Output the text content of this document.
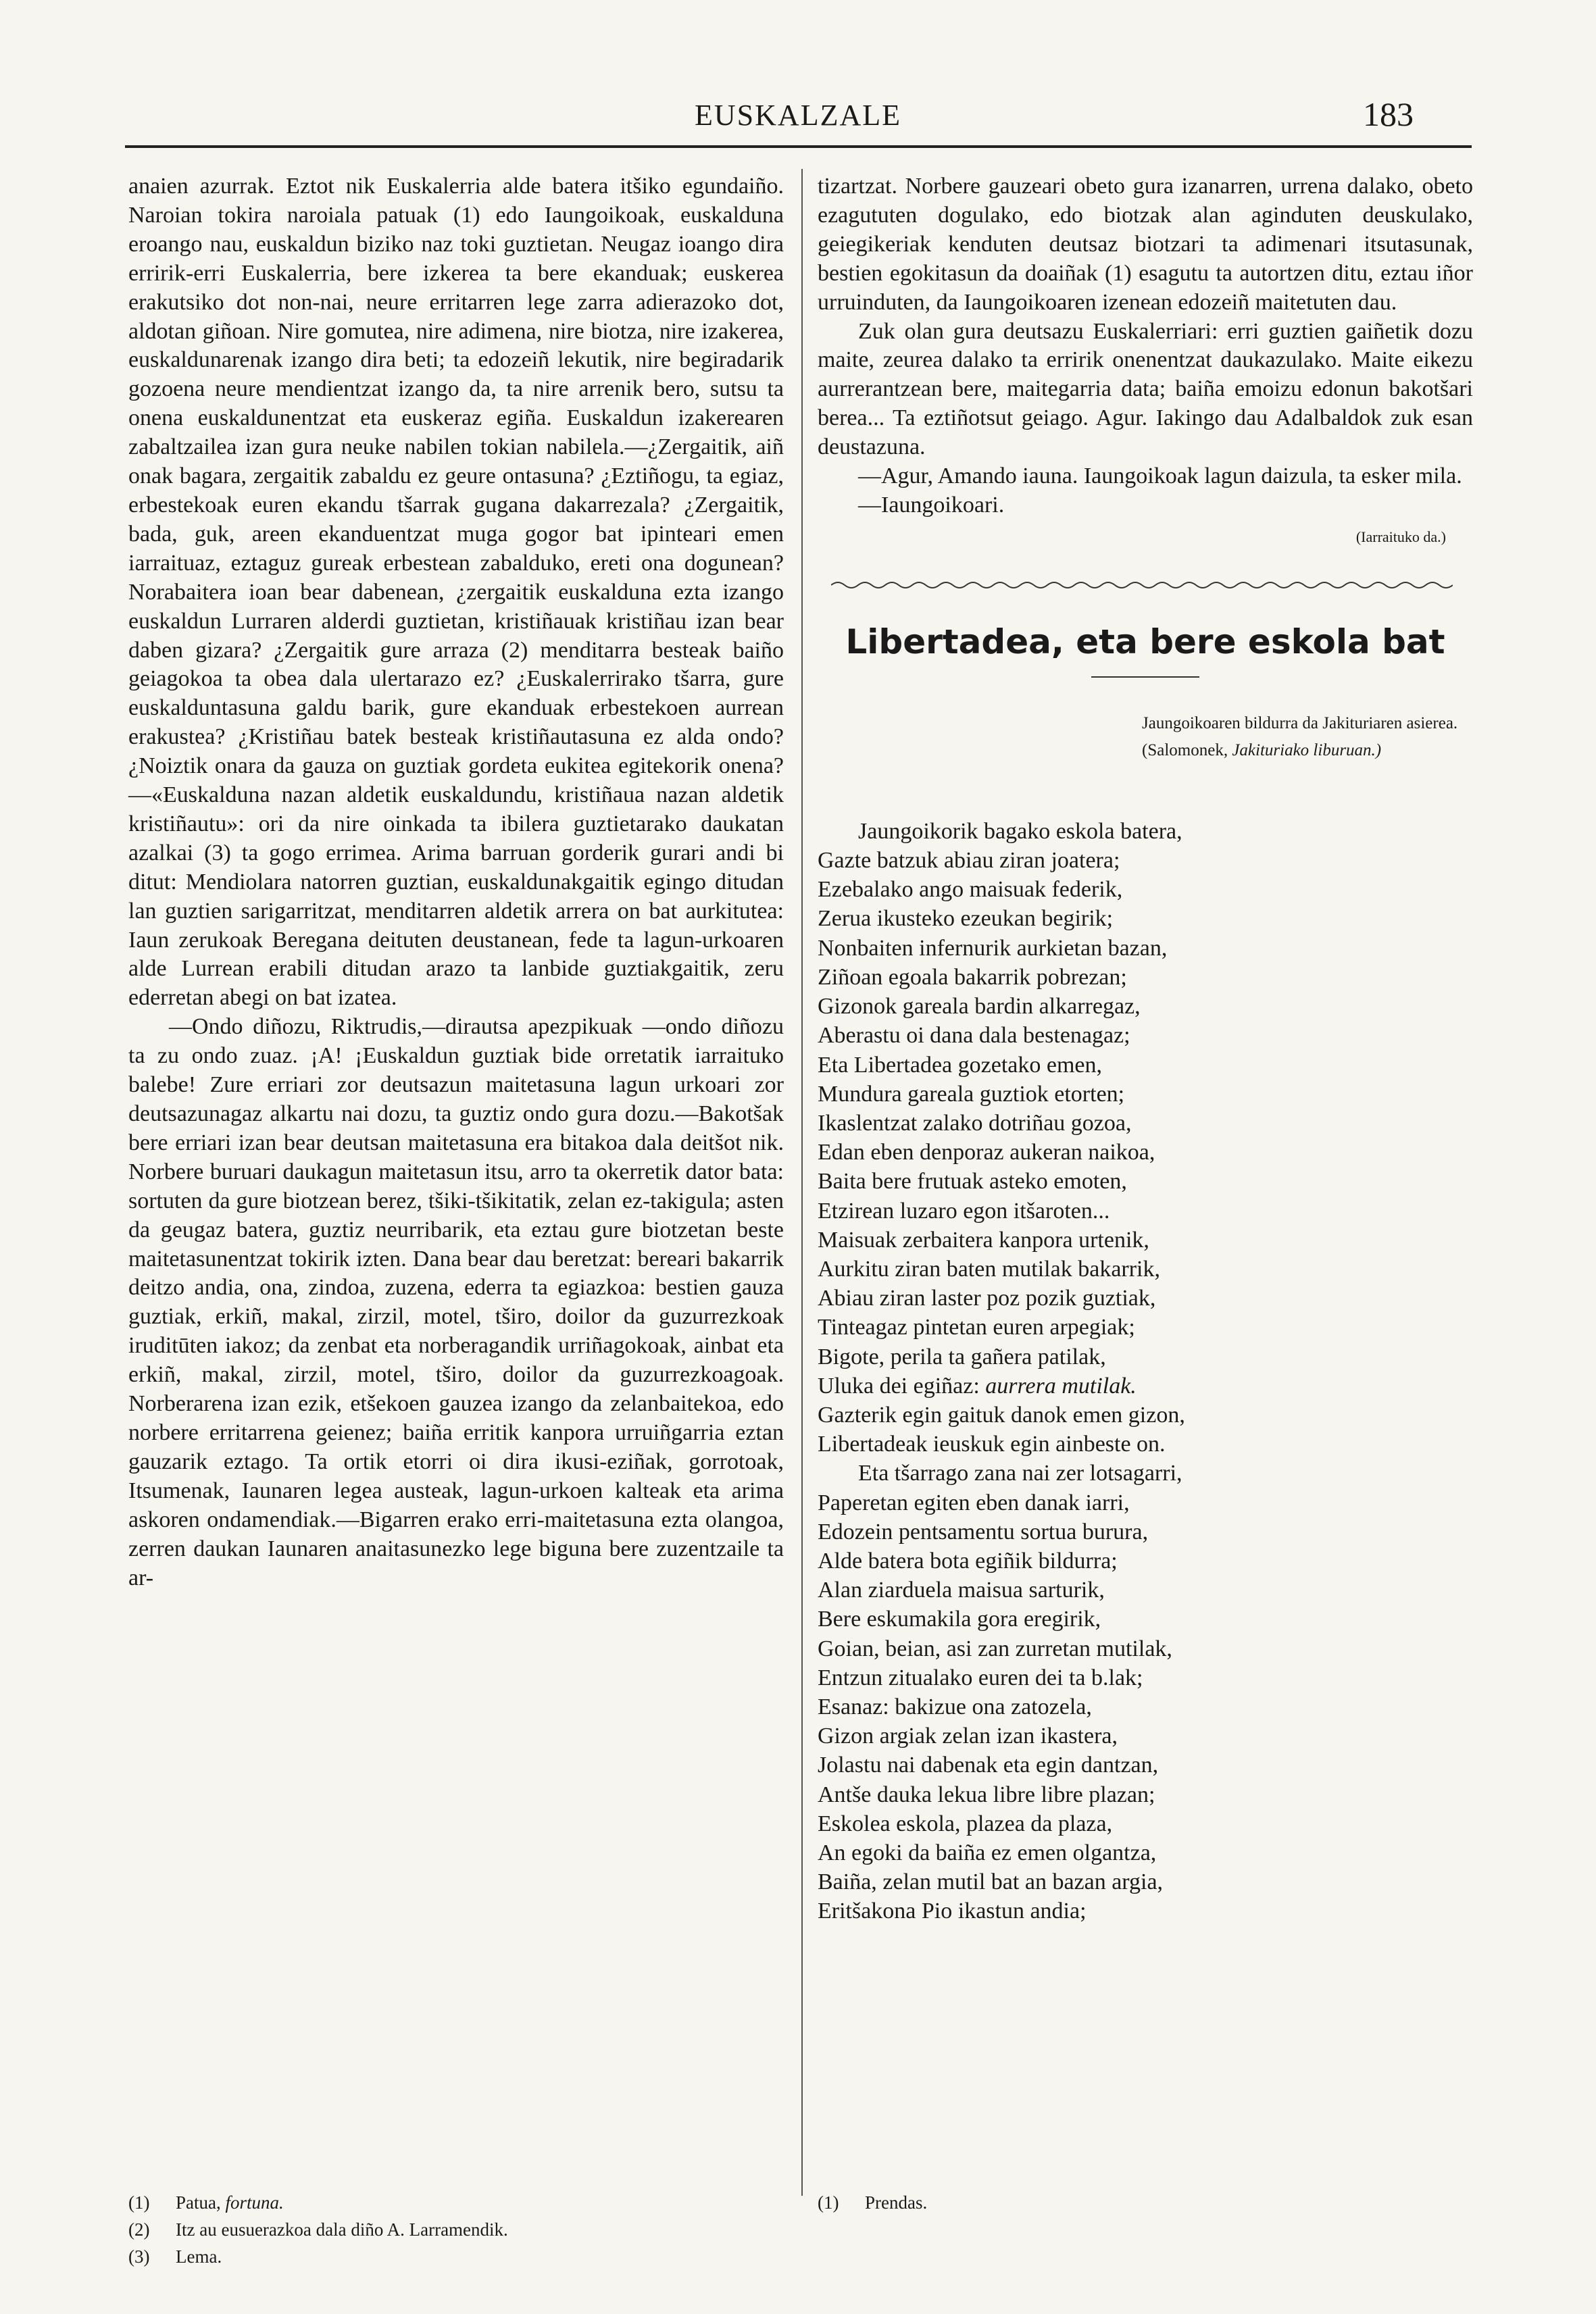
EUSKALZALE	183

anaien azurrak. Eztot nik Euskalerria alde batera itšiko egundaiño. Naroian tokira naroiala patuak (1) edo Iaungoikoak, euskalduna eroango nau, euskaldun biziko naz toki guztietan. Neugaz ioango dira erririk-erri Euskalerria, bere izkerea ta bere ekanduak; euskerea erakutsiko dot non-nai, neure erritarren lege zarra adierazoko dot, aldotan giñoan. Nire gomutea, nire adimena, nire biotza, nire izakerea, euskaldunarenak izango dira beti; ta edozeiñ lekutik, nire begiradarik gozoena neure mendientzat izango da, ta nire arrenik bero, sutsu ta onena euskaldunentzat eta euskeraz egiña. Euskaldun izakerearen zabaltzailea izan gura neuke nabilen tokian nabilela.—¿Zergaitik, aiñ onak bagara, zergaitik zabaldu ez geure ontasuna? ¿Eztiñogu, ta egiaz, erbestekoak euren ekandu tšarrak gugana dakarrezala? ¿Zergaitik, bada, guk, areen ekanduentzat muga gogor bat ipinteari emen iarraituaz, eztaguz gureak erbestean zabalduko, ereti ona dogunean? Norabaitera ioan bear dabenean, ¿zergaitik euskalduna ezta izango euskaldun Lurraren alderdi guztietan, kristiñauak kristiñau izan bear daben gizara? ¿Zergaitik gure arraza (2) menditarra besteak baiño geiagokoa ta obea dala ulertarazo ez? ¿Euskalerrirako tšarra, gure euskalduntasuna galdu barik, gure ekanduak erbestekoen aurrean erakustea? ¿Kristiñau batek besteak kristiñautasuna ez alda ondo? ¿Noiztik onara da gauza on guztiak gordeta eukitea egitekorik onena?—«Euskalduna nazan aldetik euskaldundu, kristiñaua nazan aldetik kristiñautu»: ori da nire oinkada ta ibilera guztietarako daukatan azalkai (3) ta gogo errimea. Arima barruan gorderik gurari andi bi ditut: Mendiolara natorren guztian, euskaldunakgaitik egingo ditudan lan guztien sarigarritzat, menditarren aldetik arrera on bat aurkitutea: Iaun zerukoak Beregana deituten deustanean, fede ta lagun-urkoaren alde Lurrean erabili ditudan arazo ta lanbide guztiakgaitik, zeru ederretan abegi on bat izatea.

—Ondo diñozu, Riktrudis,—dirautsa apezpikuak —ondo diñozu ta zu ondo zuaz. ¡A! ¡Euskaldun guztiak bide orretatik iarraituko balebe! Zure erriari zor deutsazun maitetasuna lagun urkoari zor deutsazunagaz alkartu nai dozu, ta guztiz ondo gura dozu.—Bakotšak bere erriari izan bear deutsan maitetasuna era bitakoa dala deitšot nik. Norbere buruari daukagun maitetasun itsu, arro ta okerretik dator bata: sortuten da gure biotzean berez, tšiki-tšikitatik, zelan ez-takigula; asten da geugaz batera, guztiz neurribarik, eta eztau gure biotzetan beste maitetasunentzat tokirik izten. Dana bear dau beretzat: bereari bakarrik deitzo andia, ona, zindoa, zuzena, ederra ta egiazkoa: bestien gauza guztiak, erkiñ, makal, zirzil, motel, tširo, doilor da guzurrezkoak iruditūten iakoz; da zenbat eta norberagandik urriñagokoak, ainbat eta erkiñ, makal, zirzil, motel, tširo, doilor da guzurrezkoagoak. Norberarena izan ezik, etšekoen gauzea izango da zelanbaitekoa, edo norbere erritarrena geienez; baiña erritik kanpora urruiñgarria eztan gauzarik eztago. Ta ortik etorri oi dira ikusi-eziñak, gorrotoak, Itsumenak, Iaunaren legea austeak, lagun-urkoen kalteak eta arima askoren ondamendiak.—Bigarren erako erri-maitetasuna ezta olangoa, zerren daukan Iaunaren anaitasunezko lege biguna bere zuzentzaile ta ar-

(1) Patua, fortuna.
(2) Itz au eusuerazkoa dala diño A. Larramendik.
(3) Lema.

tizartzat. Norbere gauzeari obeto gura izanarren, urrena dalako, obeto ezagututen dogulako, edo biotzak alan aginduten deuskulako, geiegikeriak kenduten deutsaz biotzari ta adimenari itsutasunak, bestien egokitasun da doaiñak (1) esagutu ta autortzen ditu, eztau iñor urruinduten, da Iaungoikoaren izenean edozeiñ maitetuten dau.

Zuk olan gura deutsazu Euskalerriari: erri guztien gaiñetik dozu maite, zeurea dalako ta erririk onenentzat daukazulako. Maite eikezu aurrerantzean bere, maitegarria data; baiña emoizu edonun bakotšari berea... Ta eztiñotsut geiago. Agur. Iakingo dau Adalbaldok zuk esan deustazuna.

—Agur, Amando iauna. Iaungoikoak lagun daizula, ta esker mila.

—Iaungoikoari.

(Iarraituko da.)
Libertadea, eta bere eskola bat
Jaungoikoaren bildurra da Jakituriaren asierea.
(Salomonek, Jakituriako liburuan.)
Jaungoikorik bagako eskola batera,
Gazte batzuk abiau ziran joatera;
Ezebalako ango maisuak federik,
Zerua ikusteko ezeukan begirik;
Nonbaiten infernurik aurkietan bazan,
Ziñoan egoala bakarrik pobrezan;
Gizonok gareala bardin alkarregaz,
Aberastu oi dana dala bestenagaz;
Eta Libertadea gozetako emen,
Mundura gareala guztiok etorten;
Ikaslentzat zalako dotriñau gozoa,
Edan eben denporaz aukeran naikoa,
Baita bere frutuak asteko emoten,
Etzirean luzaro egon itšaroten...
Maisuak zerbaitera kanpora urtenik,
Aurkitu ziran baten mutilak bakarrik,
Abiau ziran laster poz pozik guztiak,
Tinteagaz pintetan euren arpegiak;
Bigote, perila ta gañera patilak,
Uluka dei egiñaz: aurrera mutilak.
Gazterik egin gaituk danok emen gizon,
Libertadeak ieuskuk egin ainbeste on.
Eta tšarrago zana nai zer lotsagarri,
Paperetan egiten eben danak iarri,
Edozein pentsamentu sortua burura,
Alde batera bota egiñik bildurra;
Alan ziarduela maisua sarturik,
Bere eskumakila gora eregirik,
Goian, beian, asi zan zurretan mutilak,
Entzun zitualako euren dei ta b.lak;
Esanaz: bakizue ona zatozela,
Gizon argiak zelan izan ikastera,
Jolastu nai dabenak eta egin dantzan,
Antše dauka lekua libre libre plazan;
Eskolea eskola, plazea da plaza,
An egoki da baiña ez emen olgantza,
Baiña, zelan mutil bat an bazan argia,
Eritšakona Pio ikastun andia;
(1) Prendas.
